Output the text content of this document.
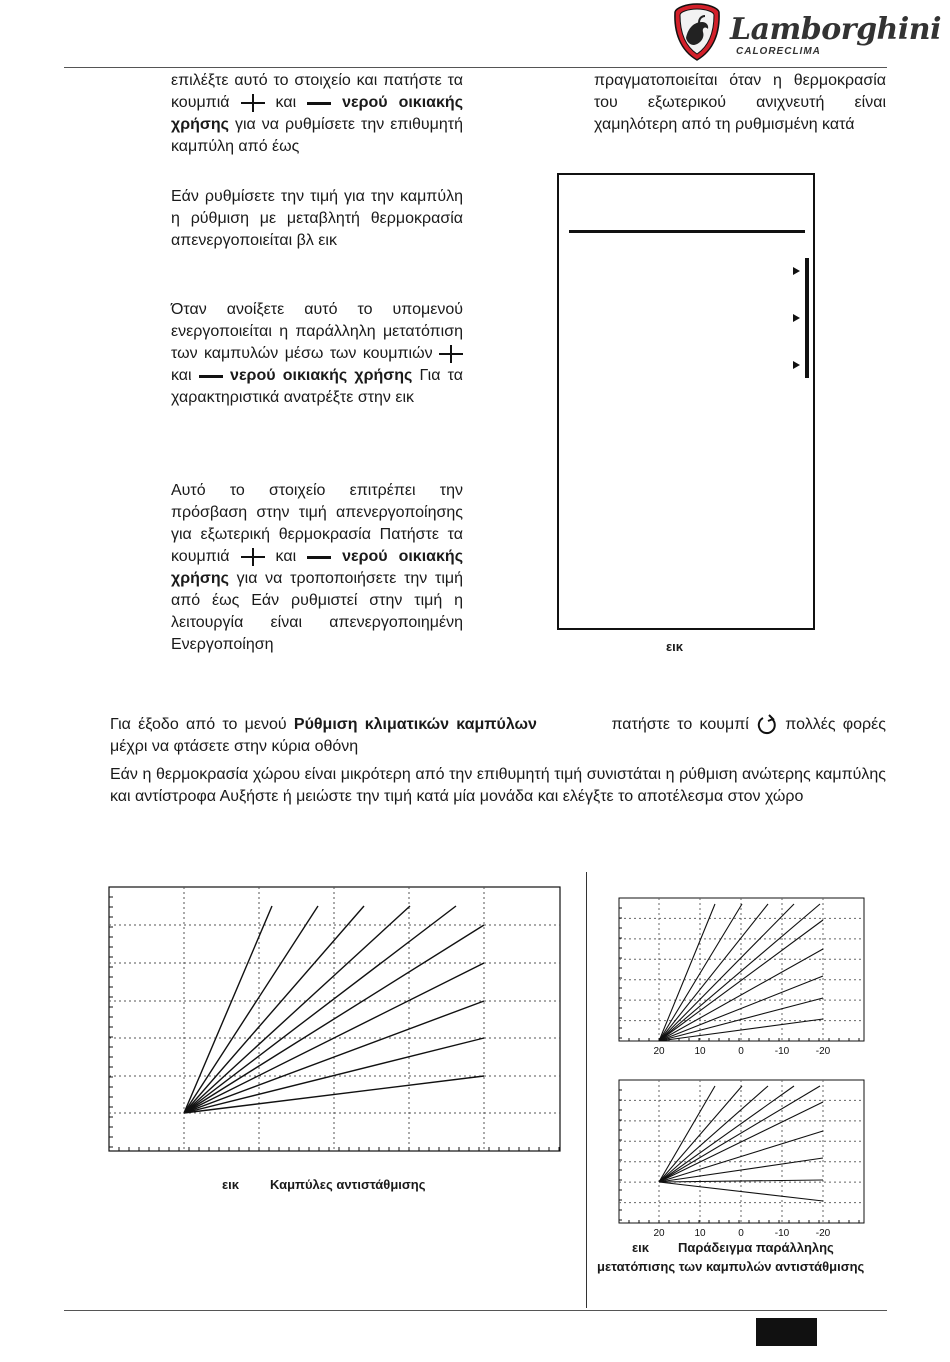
Lamborghini
CALORECLIMA

επιλέξτε αυτό το στοιχείο και πατήστε τα κουμπιά	και	νερού οικιακής χρήσης για να ρυθμίσετε την επιθυμητή καμπύλη από έως

Εάν ρυθμίσετε την τιμή για την καμπύλη η ρύθμιση με μεταβλητή θερμοκρασία απενεργοποιείται βλ εικ

Όταν ανοίξετε αυτό το υπομενού ενεργοποιείται η παράλληλη μετατόπιση των καμπυλών μέσω των κουμπιών  και νερού οικιακής χρήσης Για τα χαρακτηριστικά ανατρέξτε στην εικ

Αυτό το στοιχείο επιτρέπει την πρόσβαση στην τιμή απενεργοποίησης για εξωτερική θερμοκρασία Πατήστε τα κουμπιά	και	νερού οικιακής χρήσης για να τροποποιήσετε την τιμή από έως Εάν ρυθμιστεί στην τιμή η λειτουργία είναι απενεργοποιημένη Ενεργοποίηση

πραγματοποιείται όταν η θερμοκρασία του εξωτερικού ανιχνευτή είναι χαμηλότερη από τη ρυθμισμένη κατά

εικ

Για έξοδο από το μενού Ρύθμιση κλιματικών καμπύλων	πατήστε το κουμπί πολλές φορές μέχρι να φτάσετε στην κύρια οθόνη

Εάν η θερμοκρασία χώρου είναι μικρότερη από την επιθυμητή τιμή συνιστάται η ρύθμιση ανώτερης καμπύλης και αντίστροφα Αυξήστε ή μειώστε την τιμή κατά μία μονάδα και ελέγξτε το αποτέλεσμα στον χώρο

εικ Καμπύλες αντιστάθμισης
20	10	0	-10	-20
20	10	0	-10	-20
εικ Παράδειγμα παράλληλης
μετατόπισης των καμπυλών αντιστάθμισης
